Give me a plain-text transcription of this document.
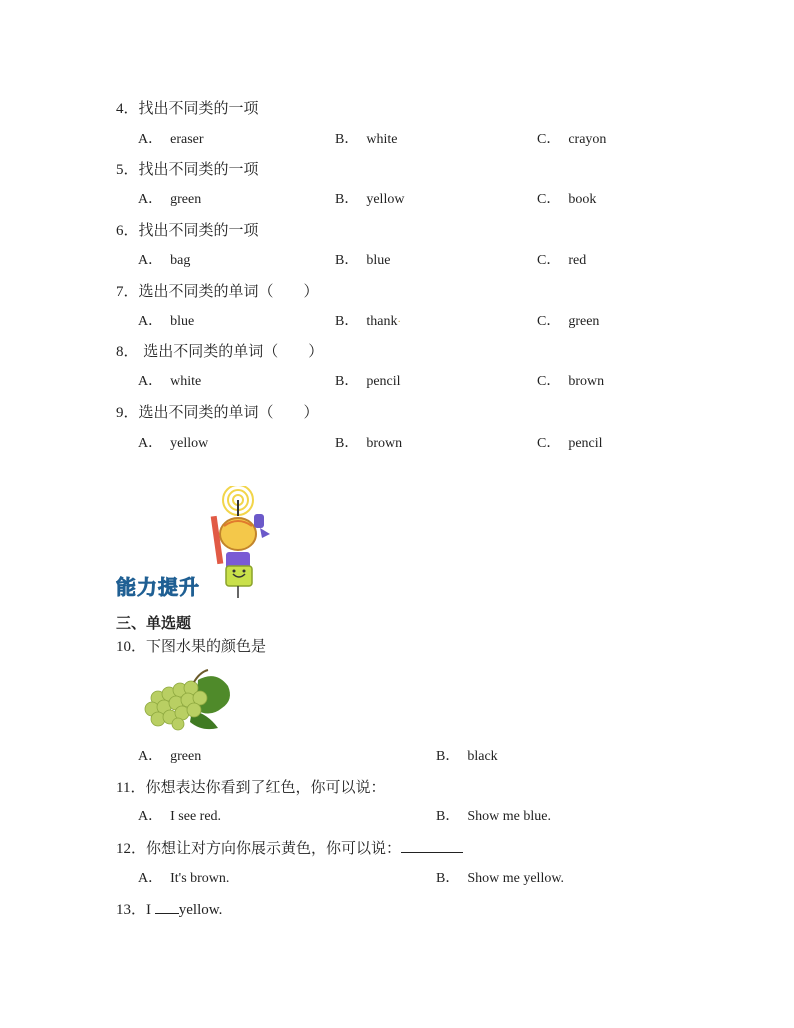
4．找出不同类的一项
A． eraser	B． white	C． crayon
5．找出不同类的一项
A． green	B． yellow	C． book
6．找出不同类的一项
A． bag	B． blue	C． red
7．选出不同类的单词（　　）
A． blue	B． thank·	C． green
8． 选出不同类的单词（　　）
A． white	B． pencil	C． brown
9．选出不同类的单词（　　）
A． yellow	B． brown	C． pencil
能力提升
三、单选题
10．下图水果的颜色是
A． green	B． black
11．你想表达你看到了红色，你可以说：
A． I see red.	B． Show me blue.
12．你想让对方向你展示黄色，你可以说：
A． It's brown.	B． Show me yellow.
13．I yellow.
